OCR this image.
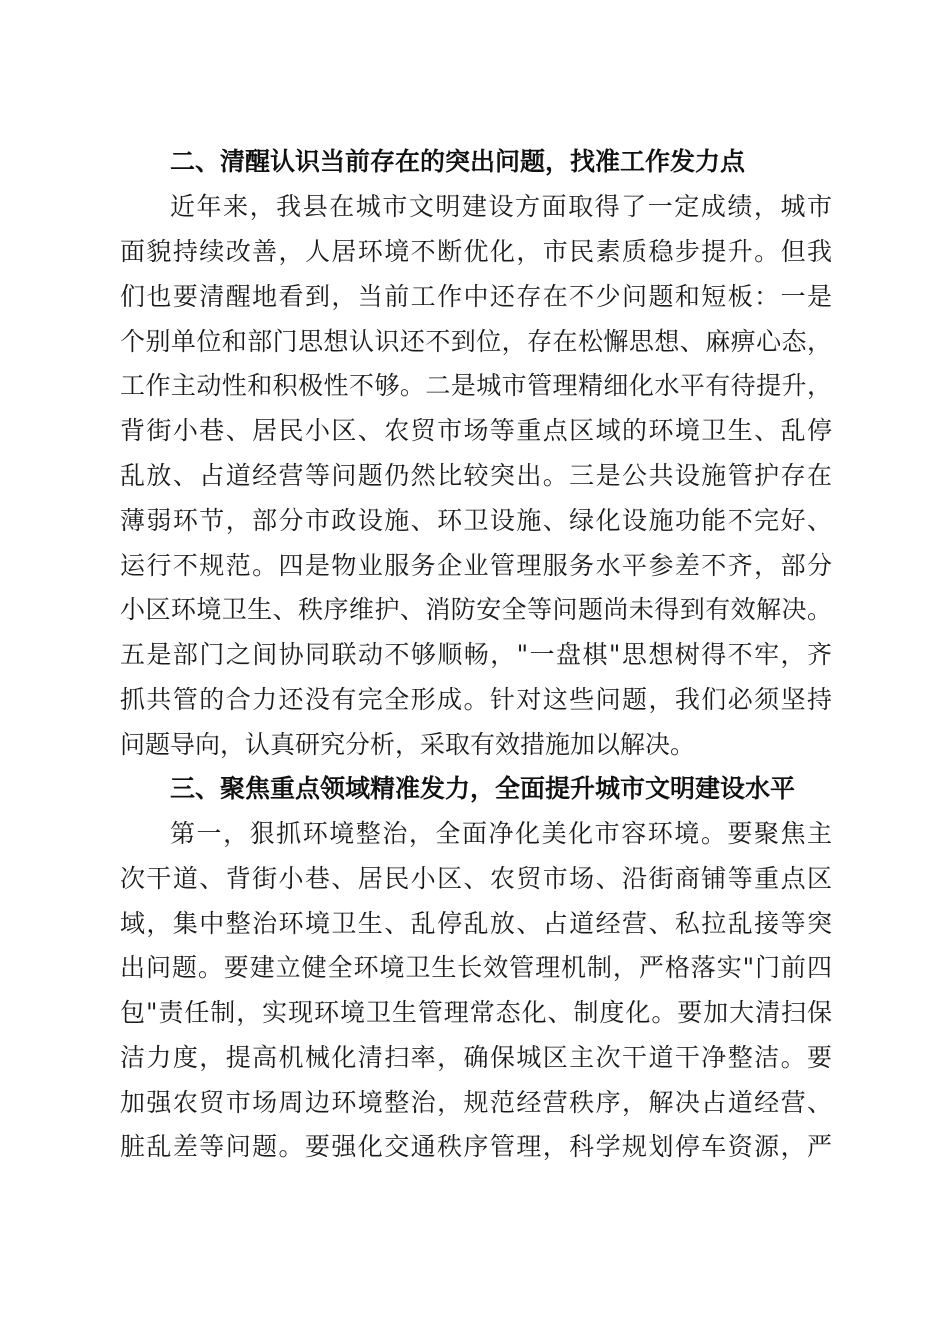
二、清醒认识当前存在的突出问题，找准工作发力点
近年来，我县在城市文明建设方面取得了一定成绩，城市
面貌持续改善，人居环境不断优化，市民素质稳步提升。但我
们也要清醒地看到，当前工作中还存在不少问题和短板：一是
个别单位和部门思想认识还不到位，存在松懈思想、麻痹心态，
工作主动性和积极性不够。二是城市管理精细化水平有待提升，
背街小巷、居民小区、农贸市场等重点区域的环境卫生、乱停
乱放、占道经营等问题仍然比较突出。三是公共设施管护存在
薄弱环节，部分市政设施、环卫设施、绿化设施功能不完好、
运行不规范。四是物业服务企业管理服务水平参差不齐，部分
小区环境卫生、秩序维护、消防安全等问题尚未得到有效解决。
五是部门之间协同联动不够顺畅，"一盘棋"思想树得不牢，齐
抓共管的合力还没有完全形成。针对这些问题，我们必须坚持
问题导向，认真研究分析，采取有效措施加以解决。
三、聚焦重点领域精准发力，全面提升城市文明建设水平
第一，狠抓环境整治，全面净化美化市容环境。要聚焦主
次干道、背街小巷、居民小区、农贸市场、沿街商铺等重点区
域，集中整治环境卫生、乱停乱放、占道经营、私拉乱接等突
出问题。要建立健全环境卫生长效管理机制，严格落实"门前四
包"责任制，实现环境卫生管理常态化、制度化。要加大清扫保
洁力度，提高机械化清扫率，确保城区主次干道干净整洁。要
加强农贸市场周边环境整治，规范经营秩序，解决占道经营、
脏乱差等问题。要强化交通秩序管理，科学规划停车资源，严
